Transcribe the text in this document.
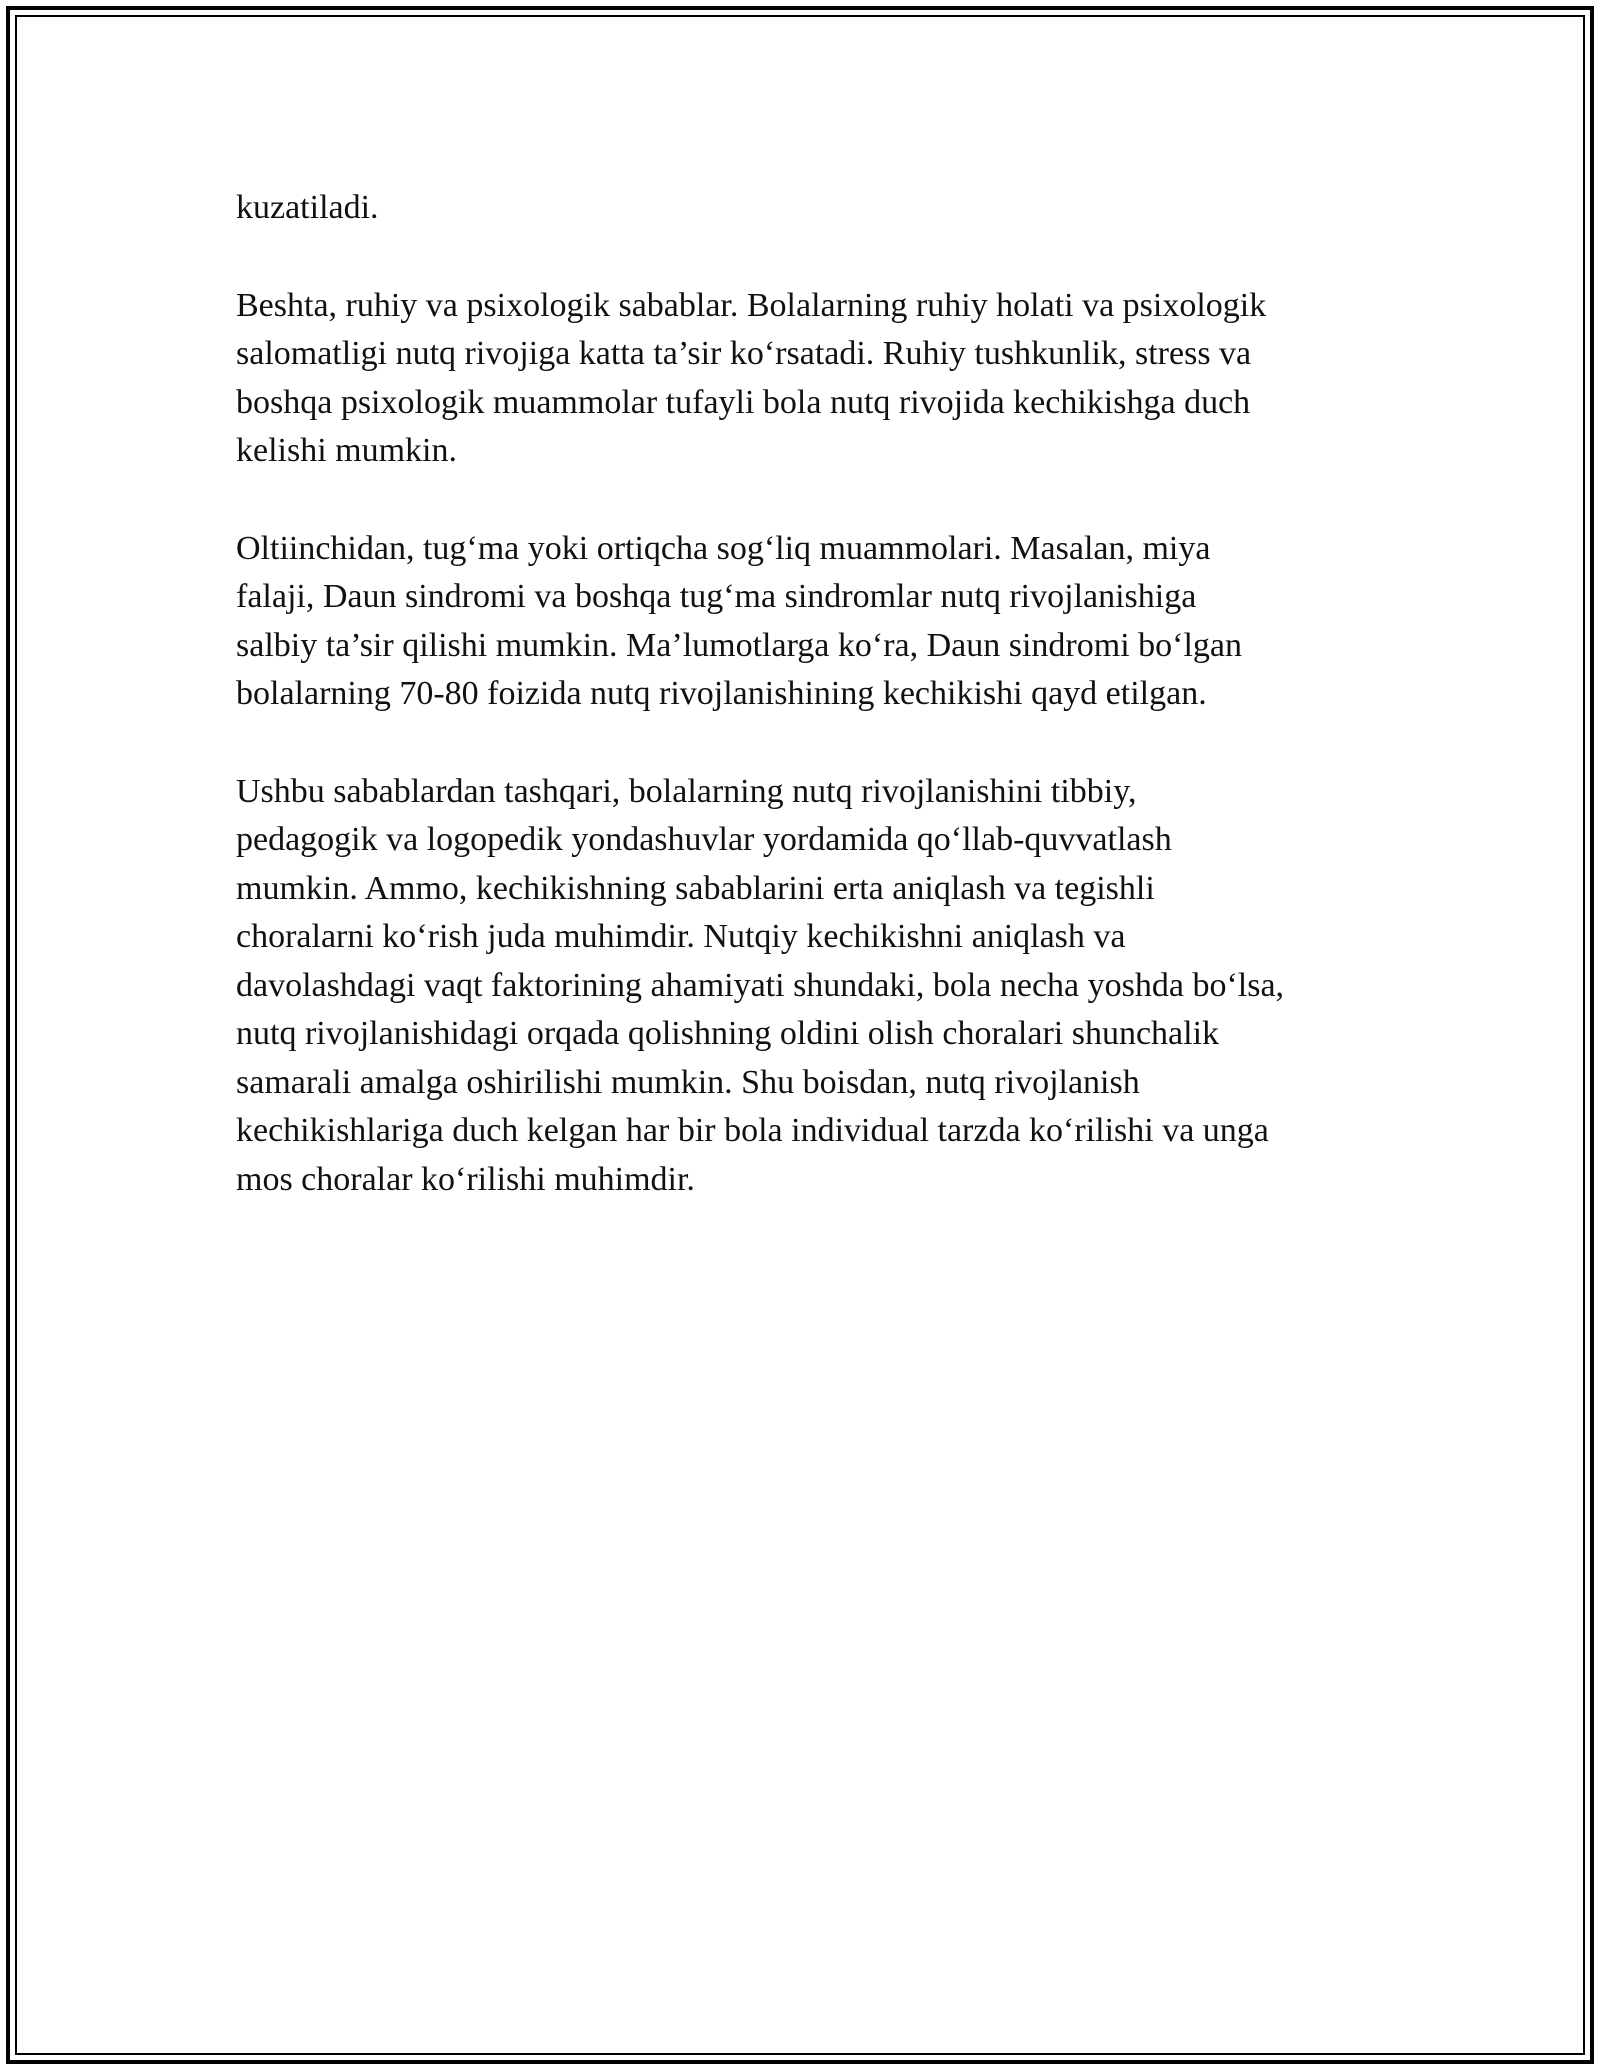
kuzatiladi.

Beshta, ruhiy va psixologik sabablar. Bolalarning ruhiy holati va psixologik
salomatligi nutq rivojiga katta ta’sir ko‘rsatadi. Ruhiy tushkunlik, stress va
boshqa psixologik muammolar tufayli bola nutq rivojida kechikishga duch
kelishi mumkin.

Oltiinchidan, tug‘ma yoki ortiqcha sog‘liq muammolari. Masalan, miya
falaji, Daun sindromi va boshqa tug‘ma sindromlar nutq rivojlanishiga
salbiy ta’sir qilishi mumkin. Ma’lumotlarga ko‘ra, Daun sindromi bo‘lgan
bolalarning 70-80 foizida nutq rivojlanishining kechikishi qayd etilgan.

Ushbu sabablardan tashqari, bolalarning nutq rivojlanishini tibbiy,
pedagogik va logopedik yondashuvlar yordamida qo‘llab-quvvatlash
mumkin. Ammo, kechikishning sabablarini erta aniqlash va tegishli
choralarni ko‘rish juda muhimdir. Nutqiy kechikishni aniqlash va
davolashdagi vaqt faktorining ahamiyati shundaki, bola necha yoshda bo‘lsa,
nutq rivojlanishidagi orqada qolishning oldini olish choralari shunchalik
samarali amalga oshirilishi mumkin. Shu boisdan, nutq rivojlanish
kechikishlariga duch kelgan har bir bola individual tarzda ko‘rilishi va unga
mos choralar ko‘rilishi muhimdir.
